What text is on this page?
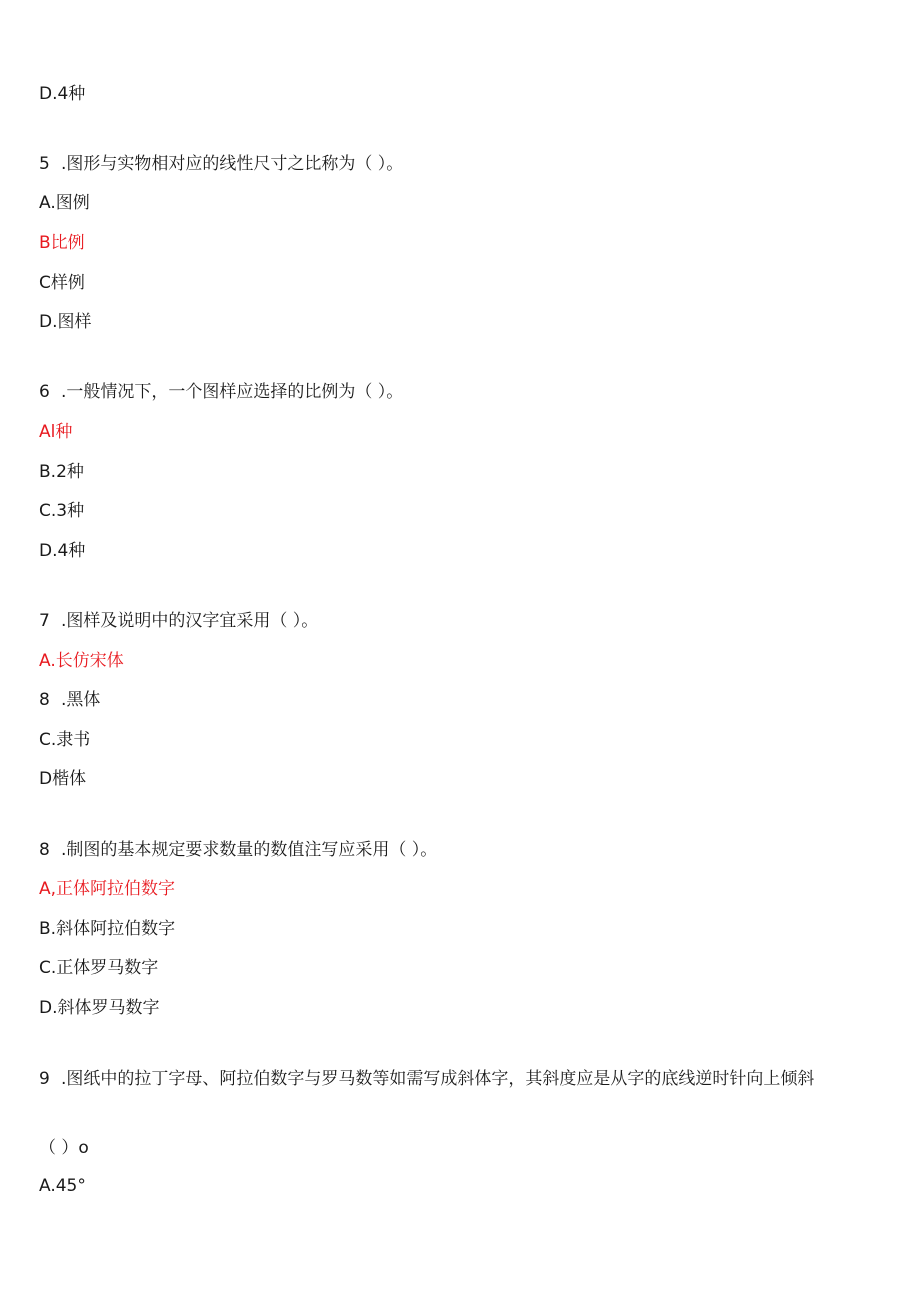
D.4种
5 .图形与实物相对应的线性尺寸之比称为（ ）。
A.图例
B比例
C样例
D.图样
6 .一般情况下，一个图样应选择的比例为（ ）。
Al种
B.2种
C.3种
D.4种
7 .图样及说明中的汉字宜采用（ ）。
A.长仿宋体
8 .黑体
C.隶书
D楷体
8 .制图的基本规定要求数量的数值注写应采用（ ）。
A,正体阿拉伯数字
B.斜体阿拉伯数字
C.正体罗马数字
D.斜体罗马数字
9 .图纸中的拉丁字母、阿拉伯数字与罗马数等如需写成斜体字，其斜度应是从字的底线逆时针向上倾斜
（ ）o
A.45°
